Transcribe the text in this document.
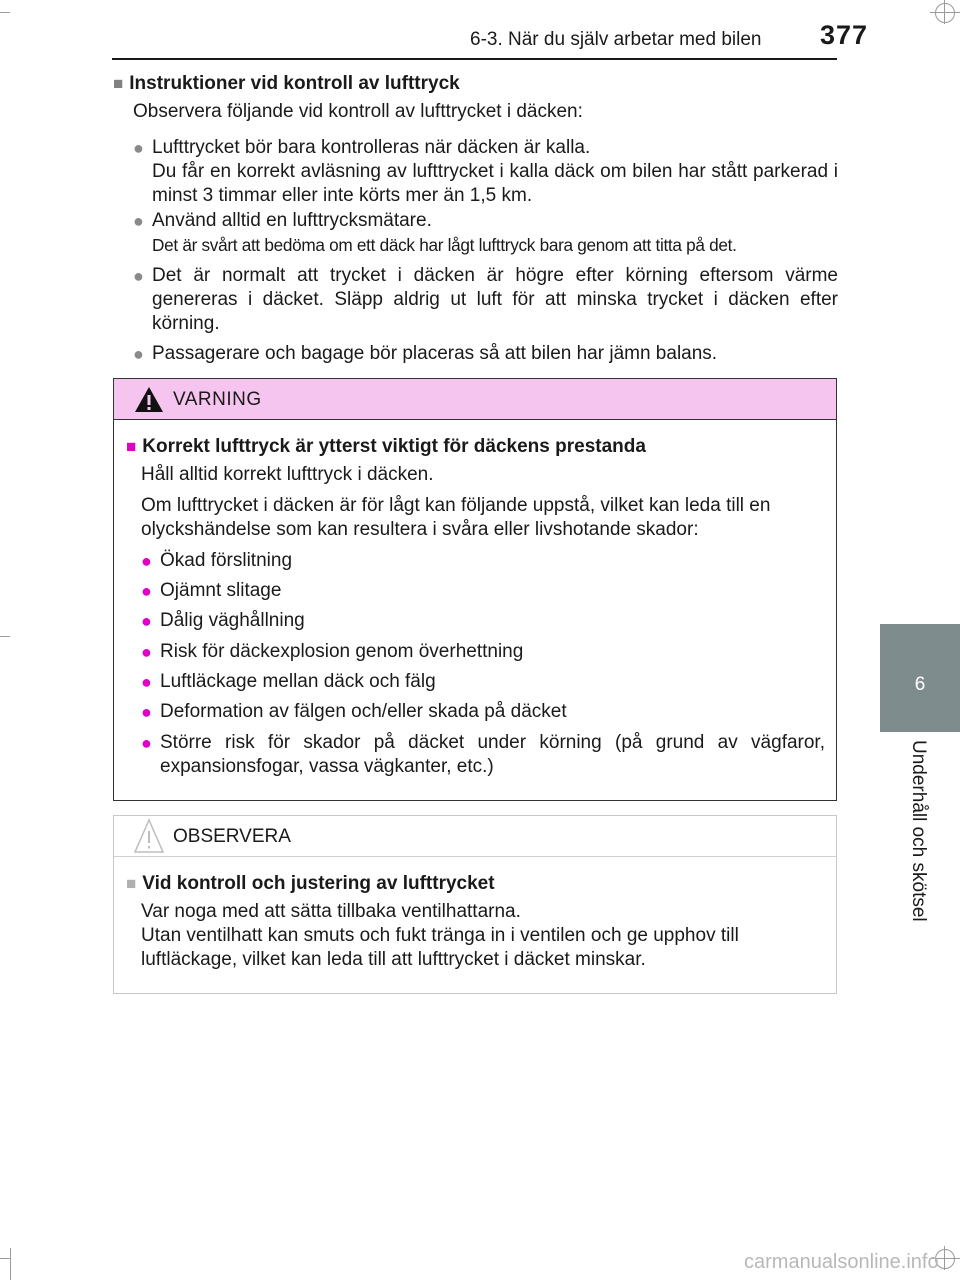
6-3. När du själv arbetar med bilen 377
6
Underhåll och skötsel
■ Instruktioner vid kontroll av lufttryck
Observera följande vid kontroll av lufttrycket i däcken:
● Lufttrycket bör bara kontrolleras när däcken är kalla.
Du får en korrekt avläsning av lufttrycket i kalla däck om bilen har stått parkerad i minst 3 timmar eller inte körts mer än 1,5 km.
● Använd alltid en lufttrycksmätare.
Det är svårt att bedöma om ett däck har lågt lufttryck bara genom att titta på det.
● Det är normalt att trycket i däcken är högre efter körning eftersom värme genereras i däcket. Släpp aldrig ut luft för att minska trycket i däcken efter körning.
● Passagerare och bagage bör placeras så att bilen har jämn balans.
VARNING
■ Korrekt lufttryck är ytterst viktigt för däckens prestanda
Håll alltid korrekt lufttryck i däcken.
Om lufttrycket i däcken är för lågt kan följande uppstå, vilket kan leda till en olyckshändelse som kan resultera i svåra eller livshotande skador:
● Ökad förslitning
● Ojämnt slitage
● Dålig väghållning
● Risk för däckexplosion genom överhettning
● Luftläckage mellan däck och fälg
● Deformation av fälgen och/eller skada på däcket
● Större risk för skador på däcket under körning (på grund av vägfaror, expansionsfogar, vassa vägkanter, etc.)
OBSERVERA
■ Vid kontroll och justering av lufttrycket
Var noga med att sätta tillbaka ventilhattarna.
Utan ventilhatt kan smuts och fukt tränga in i ventilen och ge upphov till luftläckage, vilket kan leda till att lufttrycket i däcket minskar.
carmanualsonline.info
